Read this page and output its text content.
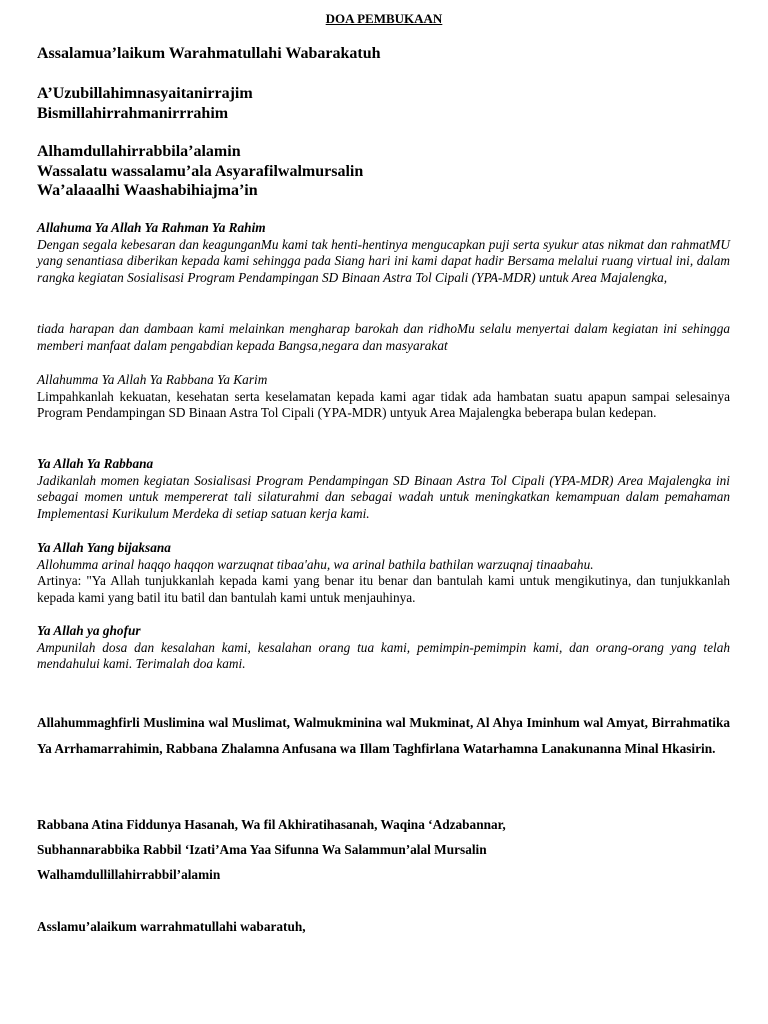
DOA PEMBUKAAN
Assalamua’laikum Warahmatullahi Wabarakatuh
A’Uzubillahimnasyaitanirrajim
Bismillahirrahmanirrrahim
Alhamdullahirrabbila’alamin
Wassalatu wassalamu’ala Asyarafilwalmursalin
Wa’alaaalhi Waashabihiajma’in
Allahuma Ya Allah Ya Rahman Ya Rahim

Dengan segala kebesaran dan keagunganMu kami tak henti-hentinya mengucapkan puji serta syukur atas nikmat dan rahmatMU yang senantiasa diberikan kepada kami sehingga pada Siang hari ini kami dapat hadir Bersama melalui ruang virtual ini, dalam rangka kegiatan Sosialisasi Program Pendampingan SD Binaan Astra Tol Cipali (YPA-MDR) untuk Area Majalengka,

tiada harapan dan dambaan kami melainkan mengharap barokah dan ridhoMu selalu menyertai dalam kegiatan ini sehingga memberi manfaat dalam pengabdian kepada Bangsa,negara dan masyarakat

Allahumma Ya Allah Ya Rabbana Ya Karim

Limpahkanlah kekuatan, kesehatan serta keselamatan kepada kami agar tidak ada hambatan suatu apapun sampai selesainya Program Pendampingan SD Binaan Astra Tol Cipali (YPA-MDR) untyuk Area Majalengka beberapa bulan kedepan.

Ya Allah Ya Rabbana

Jadikanlah momen kegiatan Sosialisasi Program Pendampingan SD Binaan Astra Tol Cipali (YPA-MDR) Area Majalengka ini sebagai momen untuk mempererat tali silaturahmi dan sebagai wadah untuk meningkatkan kemampuan dalam pemahaman Implementasi Kurikulum Merdeka di setiap satuan kerja kami.

Ya Allah Yang bijaksana

Allohumma arinal haqqo haqqon warzuqnat tibaa'ahu, wa arinal bathila bathilan warzuqnaj tinaabahu.

Artinya: "Ya Allah tunjukkanlah kepada kami yang benar itu benar dan bantulah kami untuk mengikutinya, dan tunjukkanlah kepada kami yang batil itu batil dan bantulah kami untuk menjauhinya.

Ya Allah ya ghofur

Ampunilah dosa dan kesalahan kami, kesalahan orang tua kami, pemimpin-pemimpin kami, dan orang-orang yang telah mendahului kami. Terimalah doa kami.

Allahummaghfirli Muslimina wal Muslimat, Walmukminina wal Mukminat, Al Ahya Iminhum wal Amyat, Birrahmatika Ya Arrhamarrahimin, Rabbana Zhalamna Anfusana wa Illam Taghfirlana Watarhamna Lanakunanna Minal Hkasirin.
Rabbana Atina Fiddunya Hasanah, Wa fil Akhiratihasanah, Waqina ‘Adzabannar,
Subhannarabbika Rabbil ‘Izati’Ama Yaa Sifunna Wa Salammun’alal Mursalin
Walhamdullillahirrabbil’alamin
Asslamu’alaikum warrahmatullahi wabaratuh,
